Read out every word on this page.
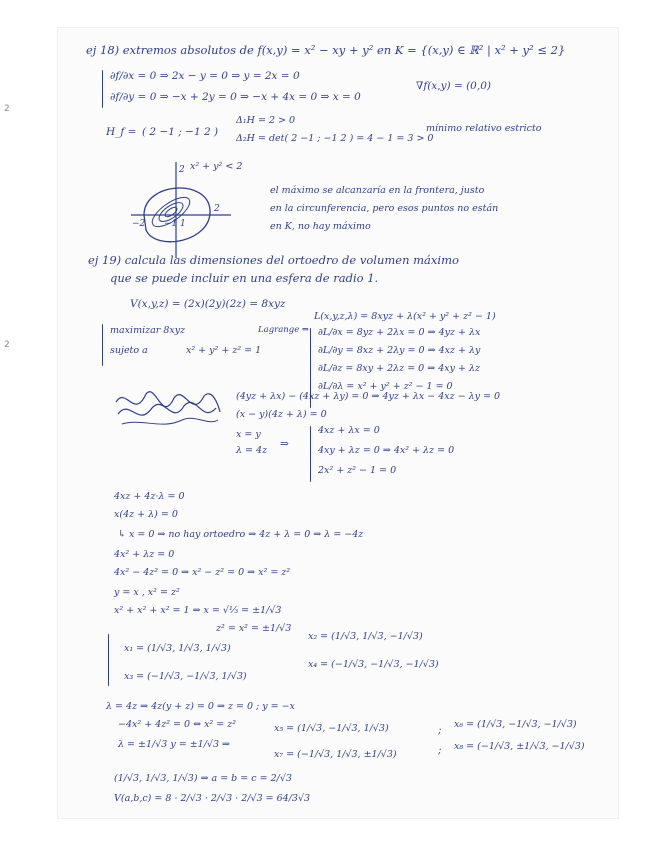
2
2
ej 18) extremos absolutos de f(x,y) = x² − xy + y² en K = {(x,y) ∈ ℝ² | x² + y² ≤ 2}
∂f/∂x = 0 ⇒ 2x − y = 0 ⇒ y = 2x = 0
∂f/∂y = 0 ⇒ −x + 2y = 0 ⇒ −x + 4x = 0 ⇒ x = 0
∇f(x,y) = (0,0)
H_f = ( 2 −1 ; −1 2 )
Δ₁H = 2 > 0
Δ₂H = det( 2 −1 ; −1 2 ) = 4 − 1 = 3 > 0
mínimo relativo estricto
2
2
−2 −1 1
x² + y² < 2
el máximo se alcanzaría en la frontera, justo
en la circunferencia, pero esos puntos no están
en K, no hay máximo
ej 19) calcula las dimensiones del ortoedro de volumen máximo
que se puede incluir en una esfera de radio 1.
V(x,y,z) = (2x)(2y)(2z) = 8xyz
L(x,y,z,λ) = 8xyz + λ(x² + y² + z² − 1)
maximizar 8xyz	Lagrange ⇒
sujeto a	x² + y² + z² = 1
∂L/∂x = 8yz + 2λx = 0 ⇒ 4yz + λx
∂L/∂y = 8xz + 2λy = 0 ⇒ 4xz + λy
∂L/∂z = 8xy + 2λz = 0 ⇒ 4xy + λz
∂L/∂λ = x² + y² + z² − 1 = 0
(4yz + λx) − (4xz + λy) = 0 ⇒ 4yz + λx − 4xz − λy = 0
(x − y)(4z + λ) = 0
x = y
λ = 4z
⇒
4xz + λx = 0
4xy + λz = 0 ⇒ 4x² + λz = 0
2x² + z² − 1 = 0
4xz + 4z·λ = 0
x(4z + λ) = 0
↳ x = 0 ⇒ no hay ortoedro ⇒ 4z + λ = 0 ⇒ λ = −4z
4x² + λz = 0
4x² − 4z² = 0 ⇒ x² − z² = 0 ⇒ x² = z²
y = x , x² = z²
x² + x² + x² = 1 ⇒ x = √⅓ = ±1/√3
z² = x² = ±1/√3
x₁ = (1/√3, 1/√3, 1/√3)
x₂ = (1/√3, 1/√3, −1/√3)
x₃ = (−1/√3, −1/√3, 1/√3)
x₄ = (−1/√3, −1/√3, −1/√3)
λ = 4z ⇒ 4z(y + z) = 0 ⇒ z = 0 ; y = −x
−4x² + 4z² = 0 ⇔ x² = z²
λ = ±1/√3 y = ±1/√3 ⇒
x₅ = (1/√3, −1/√3, 1/√3)	; x₆ = (1/√3, −1/√3, −1/√3)
x₇ = (−1/√3, 1/√3, ±1/√3)	; x₈ = (−1/√3, ±1/√3, −1/√3)
(1/√3, 1/√3, 1/√3) ⇒ a = b = c = 2/√3
V(a,b,c) = 8 · 2/√3 · 2/√3 · 2/√3 = 64/3√3
